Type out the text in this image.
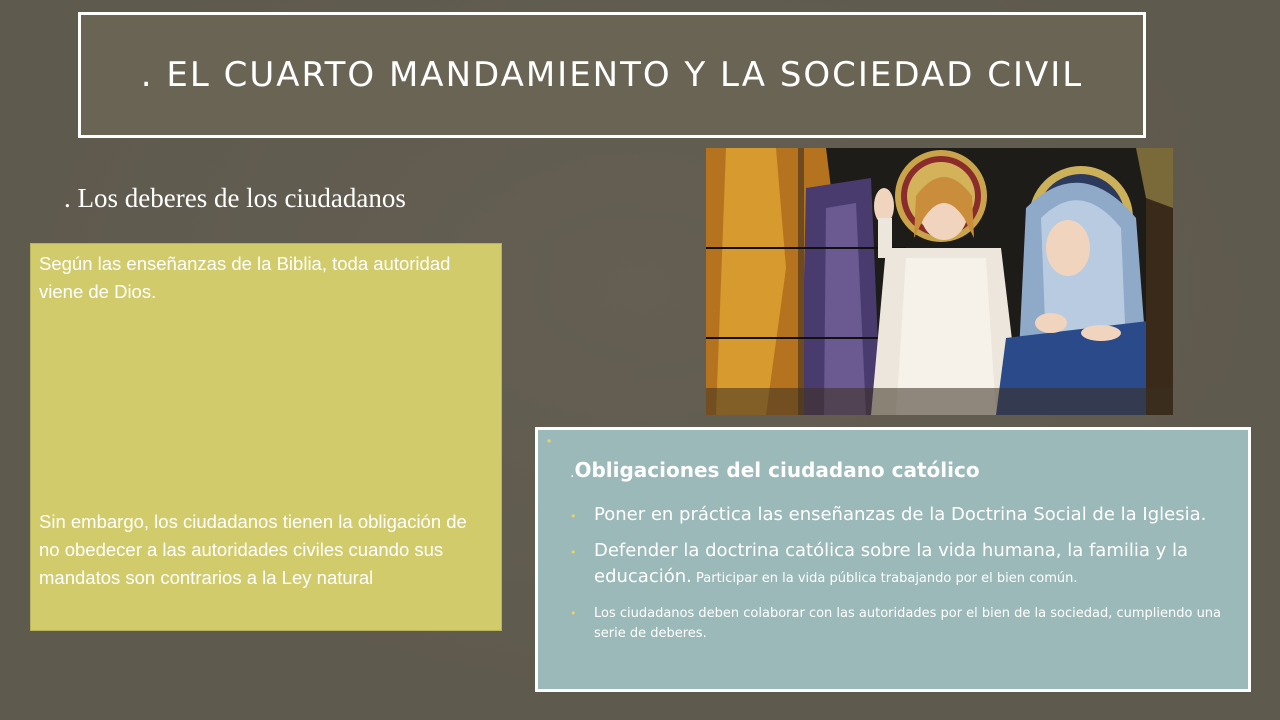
. EL CUARTO MANDAMIENTO Y LA SOCIEDAD CIVIL
. Los deberes de los ciudadanos

Según las enseñanzas de la Biblia, toda autoridad viene de Dios.

Sin embargo, los ciudadanos tienen la obligación de no obedecer a las autoridades civiles cuando sus mandatos son contrarios a la Ley natural

•
.Obligaciones del ciudadano católico
• Poner en práctica las enseñanzas de la Doctrina Social de la Iglesia.
• Defender la doctrina católica sobre la vida humana, la familia y la educación. Participar en la vida pública trabajando por el bien común.
• Los ciudadanos deben colaborar con las autoridades por el bien de la sociedad, cumpliendo una serie de deberes.
